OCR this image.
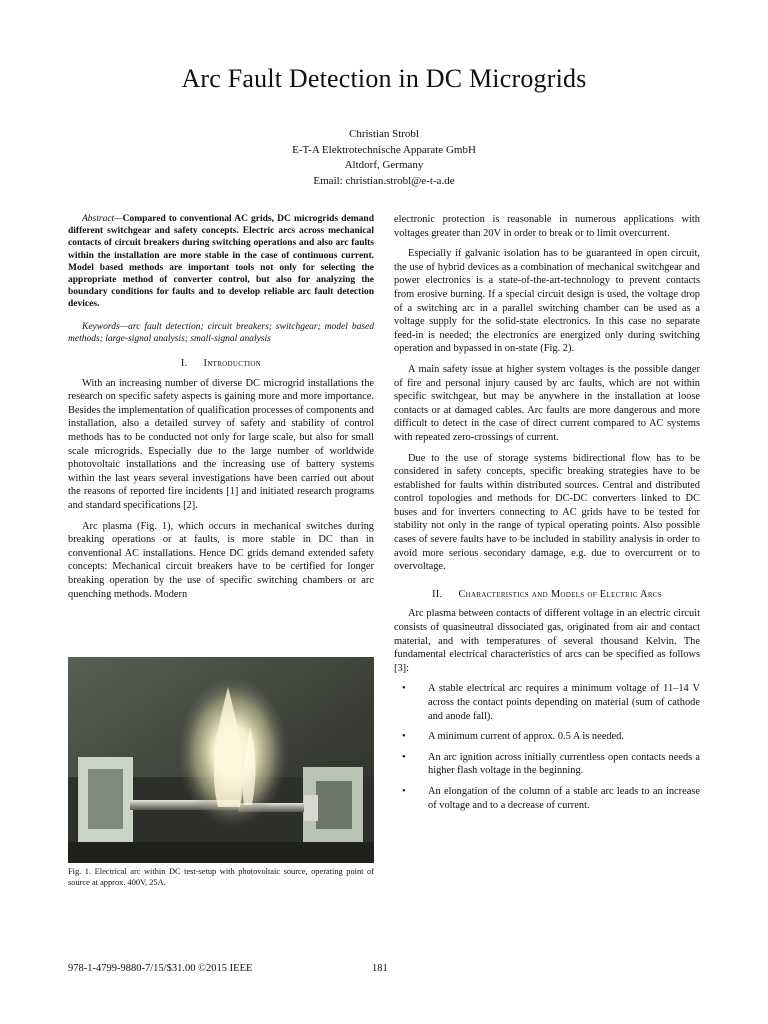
Arc Fault Detection in DC Microgrids
Christian Strobl
E-T-A Elektrotechnische Apparate GmbH
Altdorf, Germany
Email: christian.strobl@e-t-a.de

Abstract—Compared to conventional AC grids, DC microgrids demand different switchgear and safety concepts. Electric arcs across mechanical contacts of circuit breakers during switching operations and also arc faults within the installation are more stable in the case of continuous current. Model based methods are important tools not only for selecting the appropriate method of converter control, but also for analyzing the boundary conditions for faults and to develop reliable arc fault detection devices.

Keywords—arc fault detection; circuit breakers; switchgear; model based methods; large-signal analysis; small-signal analysis

I. Introduction

With an increasing number of diverse DC microgrid installations the research on specific safety aspects is gaining more and more importance. Besides the implementation of qualification processes of components and installation, also a detailed survey of safety and stability of control methods has to be conducted not only for large scale, but also for small scale microgrids. Especially due to the large number of worldwide photovoltaic installations and the increasing use of battery systems within the last years several investigations have been carried out about the reasons of reported fire incidents [1] and initiated research programs and standard specifications [2].

Arc plasma (Fig. 1), which occurs in mechanical switches during breaking operations or at faults, is more stable in DC than in conventional AC installations. Hence DC grids demand extended safety concepts: Mechanical circuit breakers have to be certified for longer breaking operation by the use of specific switching chambers or arc quenching methods. Modern

Fig. 1. Electrical arc within DC test-setup with photovoltaic source, operating point of source at approx. 400V, 25A.

electronic protection is reasonable in numerous applications with voltages greater than 20V in order to break or to limit overcurrent.

Especially if galvanic isolation has to be guaranteed in open circuit, the use of hybrid devices as a combination of mechanical switchgear and power electronics is a state-of-the-art-technology to prevent contacts from erosive burning. If a special circuit design is used, the voltage drop of a switching arc in a parallel switching chamber can be used as a voltage supply for the solid-state electronics. In this case no separate feed-in is needed; the electronics are energized only during switching operation and bypassed in on-state (Fig. 2).

A main safety issue at higher system voltages is the possible danger of fire and personal injury caused by arc faults, which are not within specific switchgear, but may be anywhere in the installation at loose contacts or at damaged cables. Arc faults are more dangerous and more difficult to detect in the case of direct current compared to AC systems with repeated zero-crossings of current.

Due to the use of storage systems bidirectional flow has to be considered in safety concepts, specific breaking strategies have to be established for faults within distributed sources. Central and distributed control topologies and methods for DC-DC converters linked to DC buses and for inverters connecting to AC grids have to be tested for stability not only in the range of typical operating points. Also possible cases of severe faults have to be included in stability analysis in order to avoid more serious secondary damage, e.g. due to overcurrent or to overvoltage.

II. Characteristics and Models of Electric Arcs

Arc plasma between contacts of different voltage in an electric circuit consists of quasineutral dissociated gas, originated from air and contact material, and with temperatures of several thousand Kelvin. The fundamental electrical characteristics of arcs can be specified as follows [3]:

• A stable electrical arc requires a minimum voltage of 11–14 V across the contact points depending on material (sum of cathode and anode fall).
• A minimum current of approx. 0.5 A is needed.
• An arc ignition across initially currentless open contacts needs a higher flash voltage in the beginning.
• An elongation of the column of a stable arc leads to an increase of voltage and to a decrease of current.
978-1-4799-9880-7/15/$31.00 ©2015 IEEE	181
